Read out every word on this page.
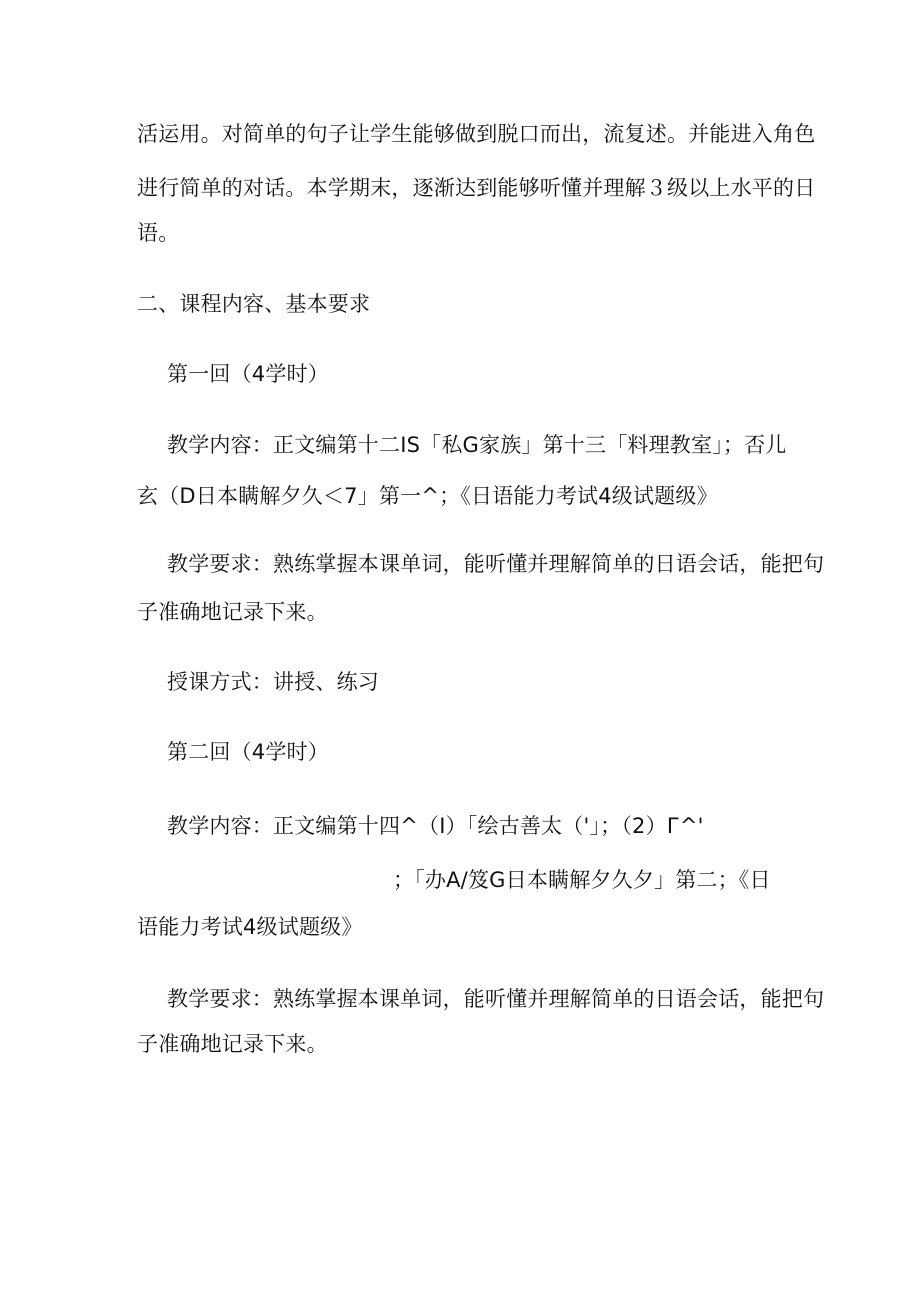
活运用。对简单的句子让学生能够做到脱口而出，流复述。并能进入角色
进行简单的对话。本学期末，逐渐达到能够听懂并理解３级以上水平的日
语。
二、课程内容、基本要求
第一回（4学时）
教学内容：正文编第十二IS「私G家族」第十三「料理教室」；否儿
玄（D日本瞒解夕久＜7」第一^；《日语能力考试4级试题级》
教学要求：熟练掌握本课单词，能听懂并理解简单的日语会话，能把句
子准确地记录下来。
授课方式：讲授、练习
第二回（4学时）
教学内容：正文编第十四^（I）「绘古善太（'」；（2）Г^'
；「办A/笈G日本瞒解夕久夕」第二；《日
语能力考试4级试题级》
教学要求：熟练掌握本课单词，能听懂并理解简单的日语会话，能把句
子准确地记录下来。
